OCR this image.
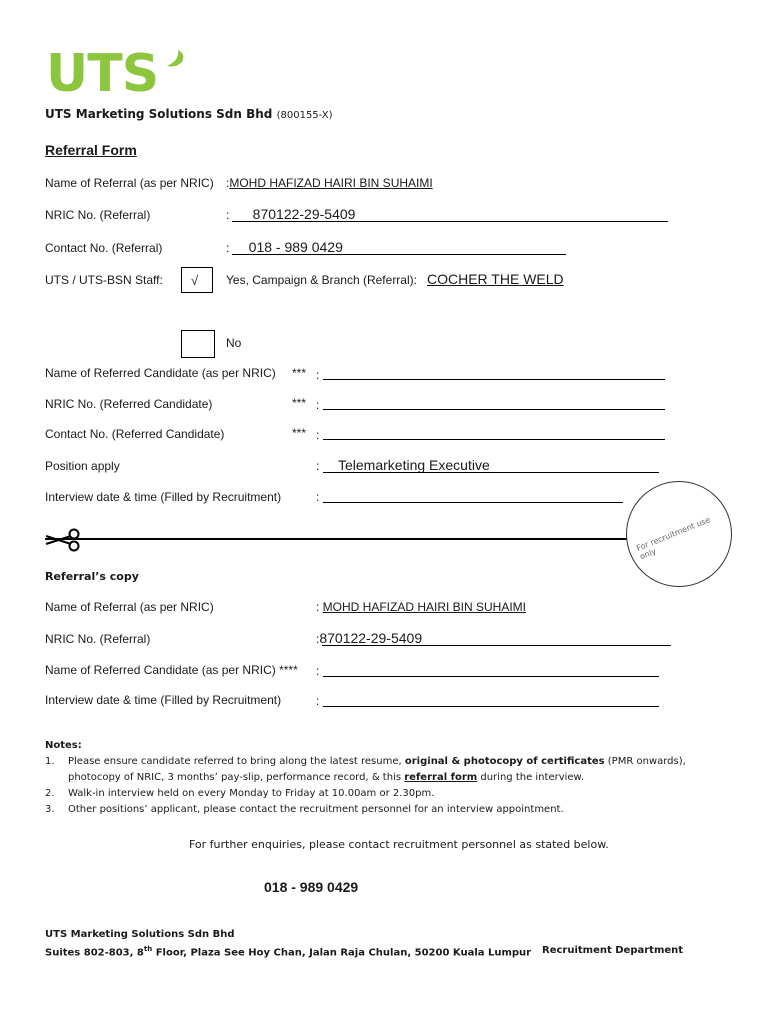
UTS
UTS Marketing Solutions Sdn Bhd (800155-X)
Referral Form
Name of Referral (as per NRIC) :MOHD HAFIZAD HAIRI BIN SUHAIMI
NRIC No. (Referral)	: 870122-29-5409
Contact No. (Referral)	: 018 - 989 0429
UTS / UTS-BSN Staff: √ Yes, Campaign & Branch (Referral): COCHER THE WELD
No
Name of Referred Candidate (as per NRIC) *** :
NRIC No. (Referred Candidate)	*** :
Contact No. (Referred Candidate)	*** :
Position apply	: Telemarketing Executive
Interview date & time (Filled by Recruitment)	:
For recruitment use only
Referral’s copy
Name of Referral (as per NRIC)	: MOHD HAFIZAD HAIRI BIN SUHAIMI
NRIC No. (Referral)	:870122-29-5409
Name of Referred Candidate (as per NRIC) **** :
Interview date & time (Filled by Recruitment)	:
Notes:
1. Please ensure candidate referred to bring along the latest resume, original & photocopy of certificates (PMR onwards),
photocopy of NRIC, 3 months’ pay-slip, performance record, & this referral form during the interview.
2. Walk-in interview held on every Monday to Friday at 10.00am or 2.30pm.
3. Other positions’ applicant, please contact the recruitment personnel for an interview appointment.
For further enquiries, please contact recruitment personnel as stated below.
018 - 989 0429
UTS Marketing Solutions Sdn Bhd
Suites 802-803, 8th Floor, Plaza See Hoy Chan, Jalan Raja Chulan, 50200 Kuala Lumpur Recruitment Department
